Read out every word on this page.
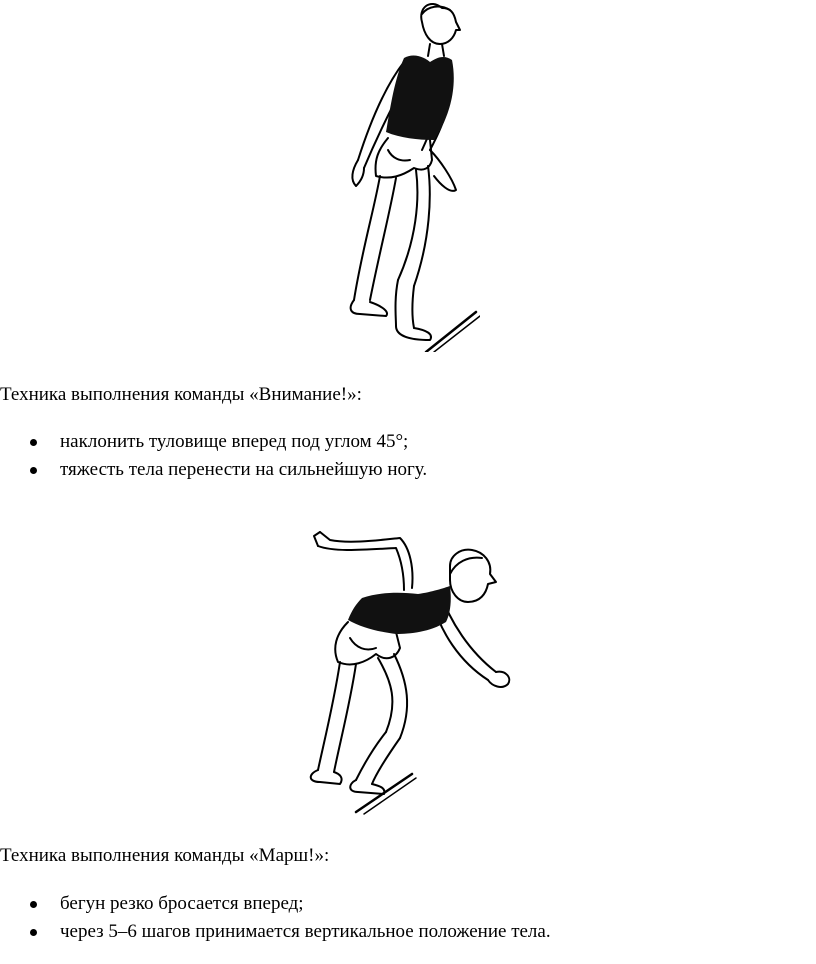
Техника выполнения команды «Внимание!»:
наклонить туловище вперед под углом 45°;
тяжесть тела перенести на сильнейшую ногу.
Техника выполнения команды «Марш!»:
бегун резко бросается вперед;
через 5–6 шагов принимается вертикальное положение тела.
